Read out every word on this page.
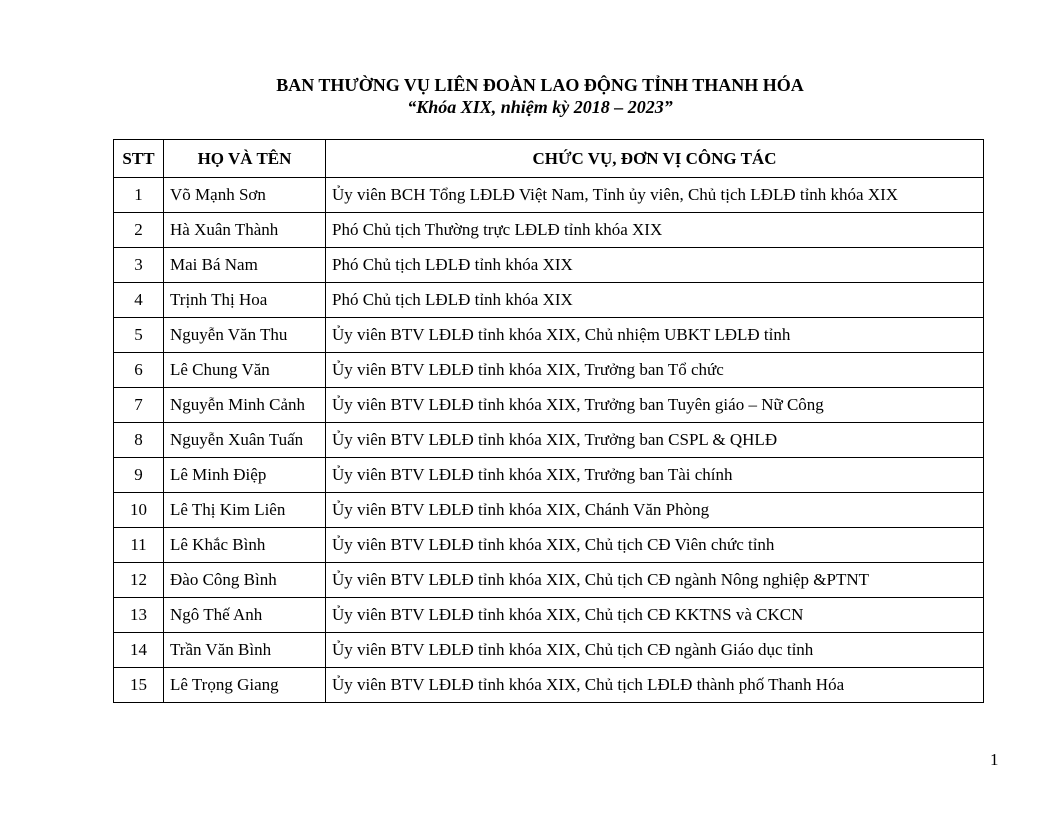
BAN THƯỜNG VỤ LIÊN ĐOÀN LAO ĐỘNG TỈNH THANH HÓA
“Khóa XIX, nhiệm kỳ 2018 – 2023”
STT	HỌ VÀ TÊN	CHỨC VỤ, ĐƠN VỊ CÔNG TÁC
1	Võ Mạnh Sơn	Ủy viên BCH Tổng LĐLĐ Việt Nam, Tỉnh ủy viên, Chủ tịch LĐLĐ tỉnh khóa XIX
2	Hà Xuân Thành	Phó Chủ tịch Thường trực LĐLĐ tỉnh khóa XIX
3	Mai Bá Nam	Phó Chủ tịch LĐLĐ tỉnh khóa XIX
4	Trịnh Thị Hoa	Phó Chủ tịch LĐLĐ tỉnh khóa XIX
5	Nguyễn Văn Thu	Ủy viên BTV LĐLĐ tỉnh khóa XIX, Chủ nhiệm UBKT LĐLĐ tỉnh
6	Lê Chung Văn	Ủy viên BTV LĐLĐ tỉnh khóa XIX, Trưởng ban Tổ chức
7	Nguyễn Minh Cảnh	Ủy viên BTV LĐLĐ tỉnh khóa XIX, Trưởng ban Tuyên giáo – Nữ Công
8	Nguyễn Xuân Tuấn	Ủy viên BTV LĐLĐ tỉnh khóa XIX, Trưởng ban CSPL & QHLĐ
9	Lê Minh Điệp	Ủy viên BTV LĐLĐ tỉnh khóa XIX, Trưởng ban Tài chính
10	Lê Thị Kim Liên	Ủy viên BTV LĐLĐ tỉnh khóa XIX, Chánh Văn Phòng
11	Lê Khắc Bình	Ủy viên BTV LĐLĐ tỉnh khóa XIX, Chủ tịch CĐ Viên chức tỉnh
12	Đào Công Bình	Ủy viên BTV LĐLĐ tỉnh khóa XIX, Chủ tịch CĐ ngành Nông nghiệp &PTNT
13	Ngô Thế Anh	Ủy viên BTV LĐLĐ tỉnh khóa XIX, Chủ tịch CĐ KKTNS và CKCN
14	Trần Văn Bình	Ủy viên BTV LĐLĐ tỉnh khóa XIX, Chủ tịch CĐ ngành Giáo dục tỉnh
15	Lê Trọng Giang	Ủy viên BTV LĐLĐ tỉnh khóa XIX, Chủ tịch LĐLĐ thành phố Thanh Hóa
1
